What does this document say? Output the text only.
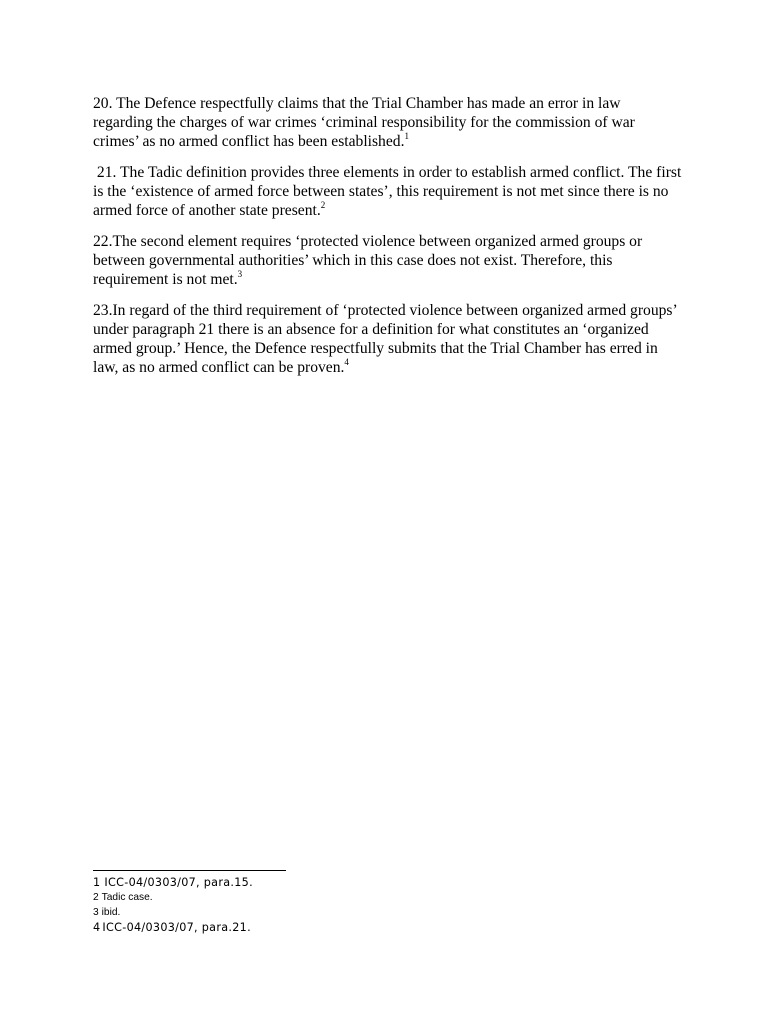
20. The Defence respectfully claims that the Trial Chamber has made an error in law regarding the charges of war crimes ‘criminal responsibility for the commission of war crimes’ as no armed conflict has been established.$^1$

21. The Tadic definition provides three elements in order to establish armed conflict. The first is the ‘existence of armed force between states’, this requirement is not met since there is no armed force of another state present.$^2$

22.The second element requires ‘protected violence between organized armed groups or between governmental authorities’ which in this case does not exist. Therefore, this requirement is not met.$^3$

23.In regard of the third requirement of ‘protected violence between organized armed groups’ under paragraph 21 there is an absence for a definition for what constitutes an ‘organized armed group.’ Hence, the Defence respectfully submits that the Trial Chamber has erred in law, as no armed conflict can be proven.$^4$

1 ICC-04/0303/07, para.15.

2 Tadic case.

3 ibid.

4 ICC-04/0303/07, para.21.
